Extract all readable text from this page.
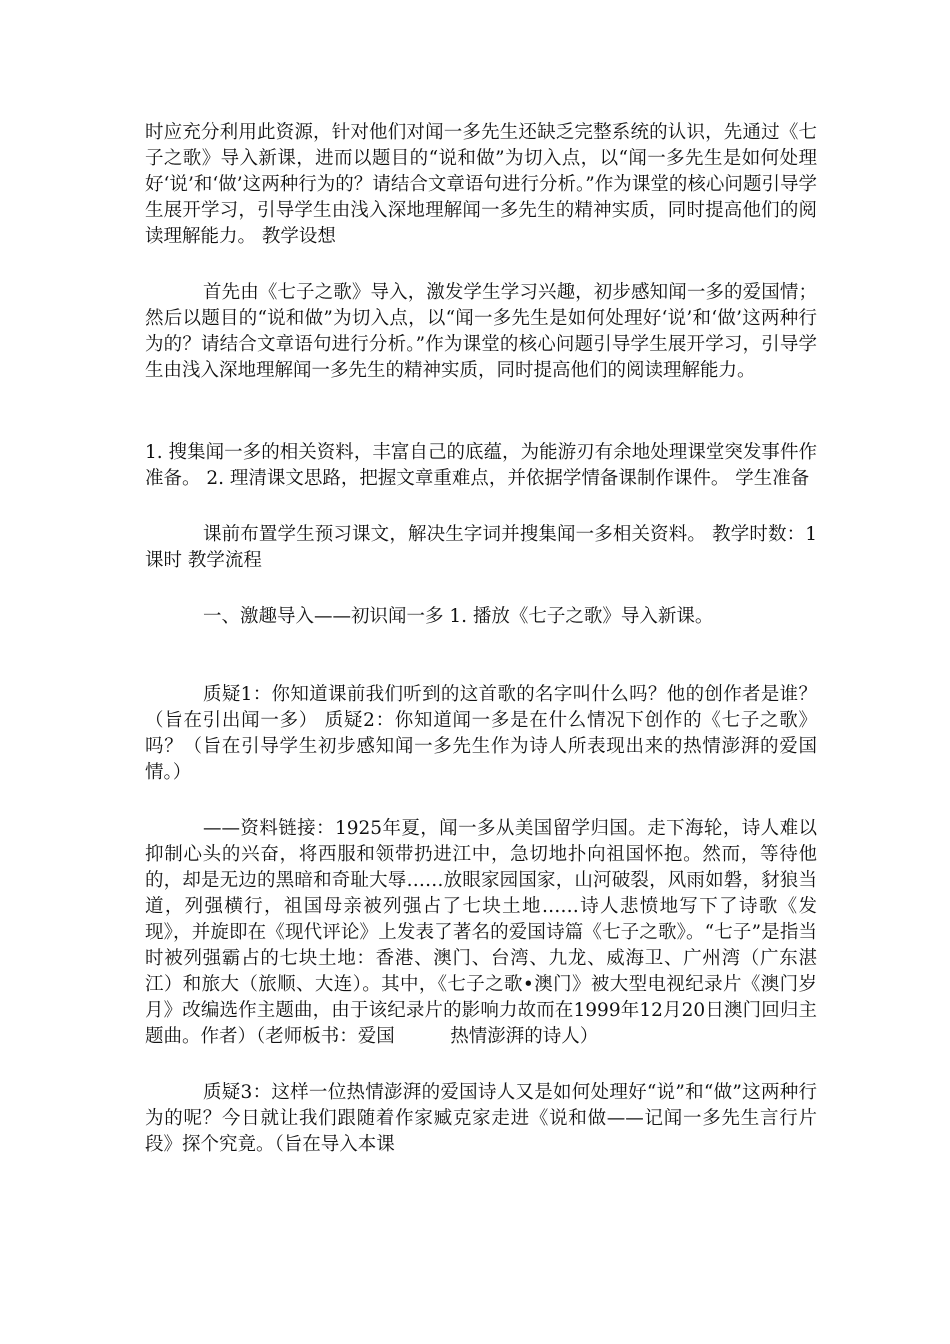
时应充分利用此资源，针对他们对闻一多先生还缺乏完整系统的认识，先通过《七子之歌》导入新课，进而以题目的“说和做”为切入点，以“闻一多先生是如何处理好‘说’和‘做’这两种行为的？请结合文章语句进行分析。”作为课堂的核心问题引导学生展开学习，引导学生由浅入深地理解闻一多先生的精神实质，同时提高他们的阅读理解能力。 教学设想

首先由《七子之歌》导入，激发学生学习兴趣，初步感知闻一多的爱国情；然后以题目的“说和做”为切入点，以“闻一多先生是如何处理好‘说’和‘做’这两种行为的？请结合文章语句进行分析。”作为课堂的核心问题引导学生展开学习，引导学生由浅入深地理解闻一多先生的精神实质，同时提高他们的阅读理解能力。

1. 搜集闻一多的相关资料，丰富自己的底蕴，为能游刃有余地处理课堂突发事件作准备。 2. 理清课文思路，把握文章重难点，并依据学情备课制作课件。 学生准备

课前布置学生预习课文，解决生字词并搜集闻一多相关资料。 教学时数：1课时 教学流程

一、激趣导入——初识闻一多 1. 播放《七子之歌》导入新课。

质疑1：你知道课前我们听到的这首歌的名字叫什么吗？他的创作者是谁？（旨在引出闻一多） 质疑2：你知道闻一多是在什么情况下创作的《七子之歌》吗？（旨在引导学生初步感知闻一多先生作为诗人所表现出来的热情澎湃的爱国情。）

——资料链接：1925年夏，闻一多从美国留学归国。走下海轮，诗人难以抑制心头的兴奋，将西服和领带扔进江中，急切地扑向祖国怀抱。然而，等待他的，却是无边的黑暗和奇耻大辱……放眼家园国家，山河破裂，风雨如磐，豺狼当道，列强横行，祖国母亲被列强占了七块土地……诗人悲愤地写下了诗歌《发现》，并旋即在《现代评论》上发表了著名的爱国诗篇《七子之歌》。“七子”是指当时被列强霸占的七块土地：香港、澳门、台湾、九龙、威海卫、广州湾（广东湛江）和旅大（旅顺、大连）。其中，《七子之歌•澳门》被大型电视纪录片《澳门岁月》改编选作主题曲，由于该纪录片的影响力故而在1999年12月20日澳门回归主题曲。作者）（老师板书：爱国　　　热情澎湃的诗人）

质疑3：这样一位热情澎湃的爱国诗人又是如何处理好“说”和“做”这两种行为的呢？今日就让我们跟随着作家臧克家走进《说和做——记闻一多先生言行片段》探个究竟。（旨在导入本课
